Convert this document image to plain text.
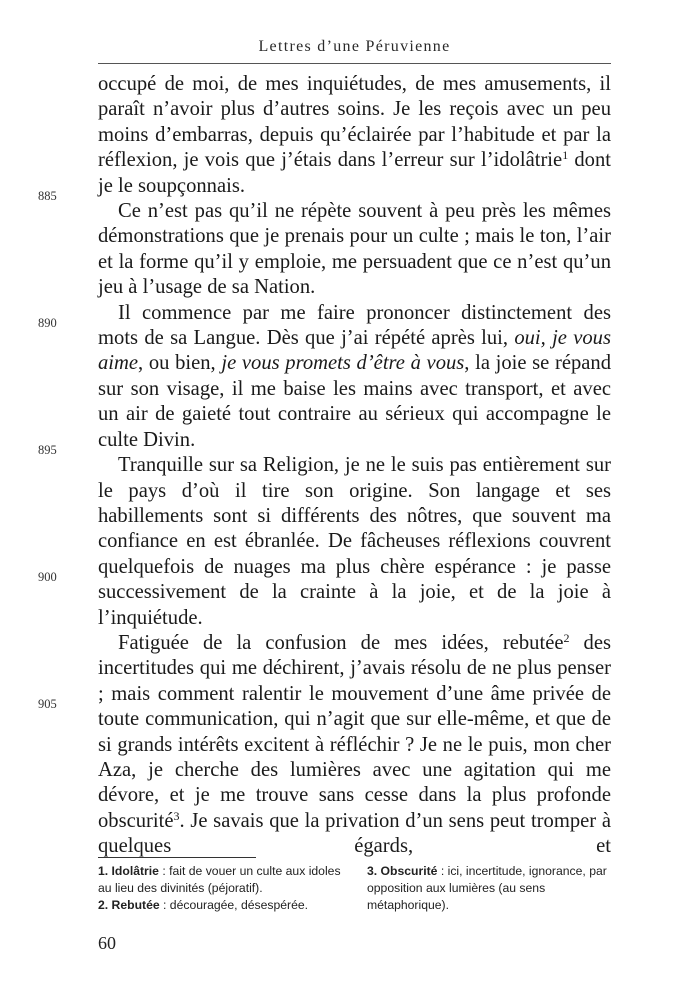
Lettres d’une Péruvienne
885
890
895
900
905

occupé de moi, de mes inquiétudes, de mes amusements, il paraît n’avoir plus d’autres soins. Je les reçois avec un peu moins d’embarras, depuis qu’éclairée par l’habitude et par la réflexion, je vois que j’étais dans l’erreur sur l’idolâtrie$^1$ dont je le soupçonnais.

Ce n’est pas qu’il ne répète souvent à peu près les mêmes démonstrations que je prenais pour un culte ; mais le ton, l’air et la forme qu’il y emploie, me persuadent que ce n’est qu’un jeu à l’usage de sa Nation.

Il commence par me faire prononcer distinctement des mots de sa Langue. Dès que j’ai répété après lui, oui, je vous aime, ou bien, je vous promets d’être à vous, la joie se répand sur son visage, il me baise les mains avec transport, et avec un air de gaieté tout contraire au sérieux qui accompagne le culte Divin.

Tranquille sur sa Religion, je ne le suis pas entièrement sur le pays d’où il tire son origine. Son langage et ses habillements sont si différents des nôtres, que souvent ma confiance en est ébranlée. De fâcheuses réflexions couvrent quelquefois de nuages ma plus chère espérance : je passe successivement de la crainte à la joie, et de la joie à l’inquiétude.

Fatiguée de la confusion de mes idées, rebutée$^2$ des incertitudes qui me déchirent, j’avais résolu de ne plus penser ; mais comment ralentir le mouvement d’une âme privée de toute communication, qui n’agit que sur elle-même, et que de si grands intérêts excitent à réfléchir ? Je ne le puis, mon cher Aza, je cherche des lumières avec une agitation qui me dévore, et je me trouve sans cesse dans la plus profonde obscurité$^3$. Je savais que la privation d’un sens peut tromper à quelques égards, et

1. Idolâtrie : fait de vouer un culte aux idoles au lieu des divinités (péjoratif).

2. Rebutée : découragée, désespérée.

3. Obscurité : ici, incertitude, ignorance, par opposition aux lumières (au sens métaphorique).

60
